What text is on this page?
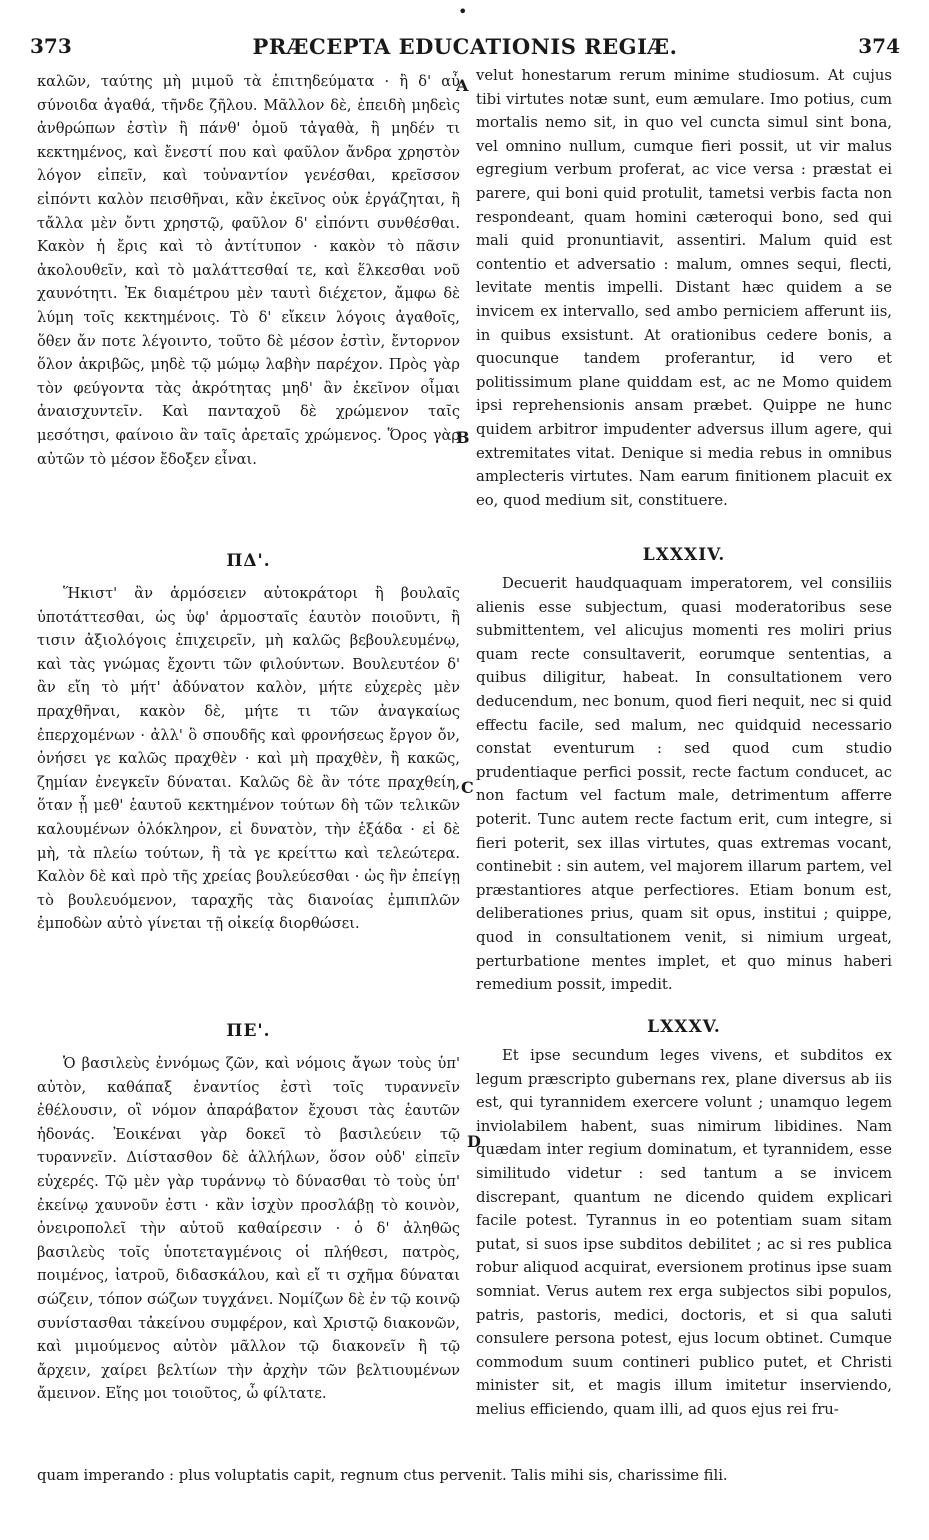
•
373	PRÆCEPTA EDUCATIONIS REGIÆ.	374

καλῶν, ταύτης μὴ μιμοῦ τὰ ἐπιτηδεύματα · ἢ δ' αὖ σύνοιδα ἀγαθά, τῆνδε ζῆλου. Μᾶλλον δὲ, ἐπειδὴ μηδεὶς ἀνθρώπων ἐστὶν ἢ πάνθ' ὁμοῦ τἀγαθὰ, ἢ μηδέν τι κεκτημένος, καὶ ἔνεστί που καὶ φαῦλον ἄνδρα χρηστὸν λόγον εἰπεῖν, καὶ τοὐναντίον γενέσθαι, κρεῖσσον εἰπόντι καλὸν πεισθῆναι, κἂν ἐκεῖνος οὐκ ἐργάζηται, ἢ τἄλλα μὲν ὄντι χρηστῷ, φαῦλον δ' εἰπόντι συνθέσθαι. Κακὸν ἡ ἔρις καὶ τὸ ἀντίτυπον · κακὸν τὸ πᾶσιν ἀκολουθεῖν, καὶ τὸ μαλάττεσθαί τε, καὶ ἕλκεσθαι νοῦ χαυνότητι. Ἐκ διαμέτρου μὲν ταυτὶ διέχετον, ἄμφω δὲ λύμη τοῖς κεκτημένοις. Τὸ δ' εἴκειν λόγοις ἀγαθοῖς, ὅθεν ἄν ποτε λέγοιντο, τοῦτο δὲ μέσον ἐστὶν, ἔντορνον ὅλον ἀκριβῶς, μηδὲ τῷ μώμῳ λαβὴν παρέχον. Πρὸς γὰρ τὸν φεύγοντα τὰς ἀκρότητας μηδ' ἂν ἐκεῖνον οἶμαι ἀναισχυντεῖν. Καὶ πανταχοῦ δὲ χρώμενον ταῖς μεσότησι, φαίνοιο ἂν ταῖς ἀρεταῖς χρώμενος. Ὅρος γὰρ αὐτῶν τὸ μέσον ἔδοξεν εἶναι.

ΠΔ'.

Ἥκιστ' ἂν ἁρμόσειεν αὐτοκράτορι ἢ βουλαῖς ὑποτάττεσθαι, ὡς ὑφ' ἁρμοσταῖς ἑαυτὸν ποιοῦντι, ἢ τισιν ἀξιολόγοις ἐπιχειρεῖν, μὴ καλῶς βεβουλευμένῳ, καὶ τὰς γνώμας ἔχοντι τῶν φιλούντων. Βουλευτέον δ' ἂν εἴη τὸ μήτ' ἀδύνατον καλὸν, μήτε εὐχερὲς μὲν πραχθῆναι, κακὸν δὲ, μήτε τι τῶν ἀναγκαίως ἐπερχομένων · ἀλλ' ὃ σπουδῆς καὶ φρονήσεως ἔργον ὄν, ὀνήσει γε καλῶς πραχθὲν · καὶ μὴ πραχθὲν, ἢ κακῶς, ζημίαν ἐνεγκεῖν δύναται. Καλῶς δὲ ἂν τότε πραχθείη, ὅταν ᾖ μεθ' ἑαυτοῦ κεκτημένον τούτων δὴ τῶν τελικῶν καλουμένων ὁλόκληρον, εἰ δυνατὸν, τὴν ἑξάδα · εἰ δὲ μὴ, τὰ πλείω τούτων, ἢ τὰ γε κρείττω καὶ τελεώτερα. Καλὸν δὲ καὶ πρὸ τῆς χρείας βουλεύεσθαι · ὡς ἣν ἐπείγῃ τὸ βουλευόμενον, ταραχῆς τὰς διανοίας ἐμπιπλῶν ἐμποδὼν αὐτὸ γίνεται τῇ οἰκείᾳ διορθώσει.

ΠΕ'.

Ὁ βασιλεὺς ἐννόμως ζῶν, καὶ νόμοις ἄγων τοὺς ὑπ' αὐτὸν, καθάπαξ ἐναντίος ἐστὶ τοῖς τυραννεῖν ἐθέλουσιν, οἳ νόμον ἀπαράβατον ἔχουσι τὰς ἑαυτῶν ἡδονάς. Ἐοικέναι γὰρ δοκεῖ τὸ βασιλεύειν τῷ τυραννεῖν. Διίστασθον δὲ ἀλλήλων, ὅσον οὐδ' εἰπεῖν εὐχερές. Τῷ μὲν γὰρ τυράννῳ τὸ δύνασθαι τὸ τοὺς ὑπ' ἐκείνῳ χαυνοῦν ἐστι · κἂν ἰσχὺν προσλάβῃ τὸ κοινὸν, ὀνειροπολεῖ τὴν αὐτοῦ καθαίρεσιν · ὁ δ' ἀληθῶς βασιλεὺς τοῖς ὑποτεταγμένοις οἱ πλήθεσι, πατρὸς, ποιμένος, ἰατροῦ, διδασκάλου, καὶ εἴ τι σχῆμα δύναται σώζειν, τόπον σώζων τυγχάνει. Νομίζων δὲ ἐν τῷ κοινῷ συνίστασθαι τἀκείνου συμφέρον, καὶ Χριστῷ διακονῶν, καὶ μιμούμενος αὐτὸν μᾶλλον τῷ διακονεῖν ἢ τῷ ἄρχειν, χαίρει βελτίων τὴν ἀρχὴν τῶν βελτιουμένων ἄμεινον. Εἴης μοι τοιοῦτος, ὦ φίλτατε.

A
B
C
D

velut honestarum rerum minime studiosum. At cujus tibi virtutes notæ sunt, eum æmulare. Imo potius, cum mortalis nemo sit, in quo vel cuncta simul sint bona, vel omnino nullum, cumque fieri possit, ut vir malus egregium verbum proferat, ac vice versa : præstat ei parere, qui boni quid protulit, tametsi verbis facta non respondeant, quam homini cæteroqui bono, sed qui mali quid pronuntiavit, assentiri. Malum quid est contentio et adversatio : malum, omnes sequi, flecti, levitate mentis impelli. Distant hæc quidem a se invicem ex intervallo, sed ambo perniciem afferunt iis, in quibus exsistunt. At orationibus cedere bonis, a quocunque tandem proferantur, id vero et politissimum plane quiddam est, ac ne Momo quidem ipsi reprehensionis ansam præbet. Quippe ne hunc quidem arbitror impudenter adversus illum agere, qui extremitates vitat. Denique si media rebus in omnibus amplecteris virtutes. Nam earum finitionem placuit ex eo, quod medium sit, constituere.

LXXXIV.

Decuerit haudquaquam imperatorem, vel consiliis alienis esse subjectum, quasi moderatoribus sese submittentem, vel alicujus momenti res moliri prius quam recte consultaverit, eorumque sententias, a quibus diligitur, habeat. In consultationem vero deducendum, nec bonum, quod fieri nequit, nec si quid effectu facile, sed malum, nec quidquid necessario constat eventurum : sed quod cum studio prudentiaque perfici possit, recte factum conducet, ac non factum vel factum male, detrimentum afferre poterit. Tunc autem recte factum erit, cum integre, si fieri poterit, sex illas virtutes, quas extremas vocant, continebit : sin autem, vel majorem illarum partem, vel præstantiores atque perfectiores. Etiam bonum est, deliberationes prius, quam sit opus, institui ; quippe, quod in consultationem venit, si nimium urgeat, perturbatione mentes implet, et quo minus haberi remedium possit, impedit.

LXXXV.

Et ipse secundum leges vivens, et subditos ex legum præscripto gubernans rex, plane diversus ab iis est, qui tyrannidem exercere volunt ; unamquo legem inviolabilem habent, suas nimirum libidines. Nam quædam inter regium dominatum, et tyrannidem, esse similitudo videtur : sed tantum a se invicem discrepant, quantum ne dicendo quidem explicari facile potest. Tyrannus in eo potentiam suam sitam putat, si suos ipse subditos debilitet ; ac si res publica robur aliquod acquirat, eversionem protinus ipse suam somniat. Verus autem rex erga subjectos sibi populos, patris, pastoris, medici, doctoris, et si qua saluti consulere persona potest, ejus locum obtinet. Cumque commodum suum contineri publico putet, et Christi minister sit, et magis illum imitetur inserviendo, melius efficiendo, quam illi, ad quos ejus rei fru-

quam imperando : plus voluptatis capit, regnum ctus pervenit. Talis mihi sis, charissime fili.
